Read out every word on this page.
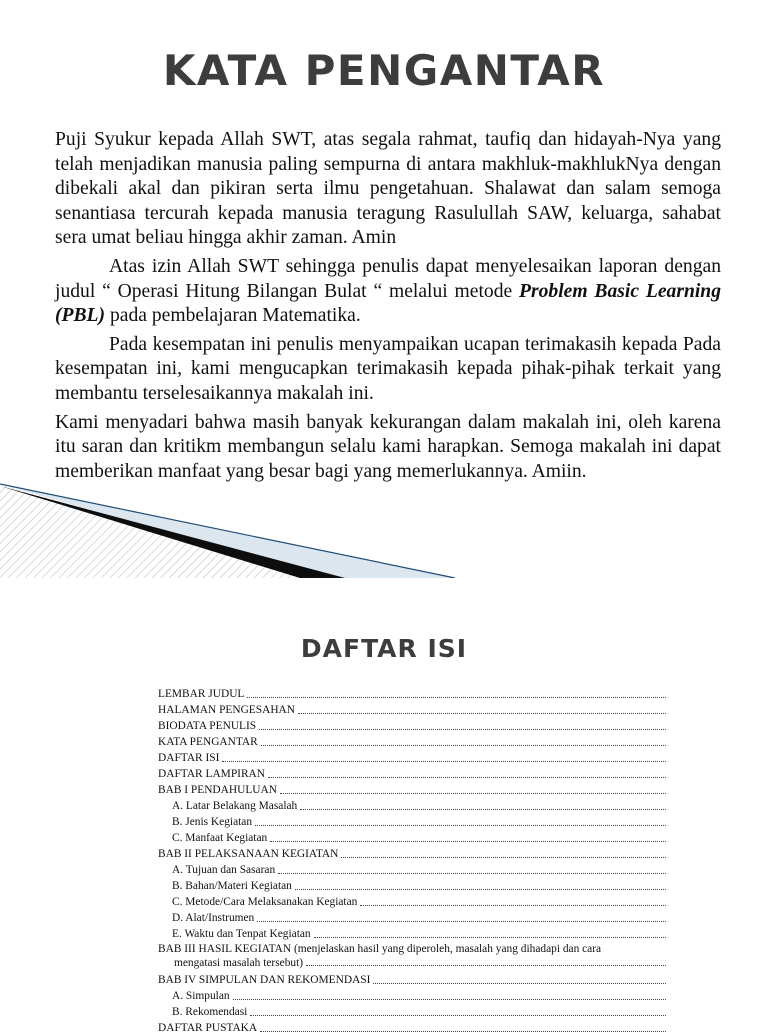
KATA PENGANTAR

Puji Syukur kepada Allah SWT, atas segala rahmat, taufiq dan hidayah-Nya yang telah menjadikan manusia paling sempurna di antara makhluk-makhlukNya dengan dibekali akal dan pikiran serta ilmu pengetahuan. Shalawat dan salam semoga senantiasa tercurah kepada manusia teragung Rasulullah SAW, keluarga, sahabat sera umat beliau hingga akhir zaman. Amin

Atas izin Allah SWT sehingga penulis dapat menyelesaikan laporan dengan judul “ Operasi Hitung Bilangan Bulat “ melalui metode Problem Basic Learning (PBL) pada pembelajaran Matematika.

Pada kesempatan ini penulis menyampaikan ucapan terimakasih kepada Pada kesempatan ini, kami mengucapkan terimakasih kepada pihak-pihak terkait yang membantu terselesaikannya makalah ini.

Kami menyadari bahwa masih banyak kekurangan dalam makalah ini, oleh karena itu saran dan kritikm membangun selalu kami harapkan. Semoga makalah ini dapat memberikan manfaat yang besar bagi yang memerlukannya. Amiin.

DAFTAR ISI
LEMBAR JUDUL
HALAMAN PENGESAHAN
BIODATA PENULIS
KATA PENGANTAR
DAFTAR ISI
DAFTAR LAMPIRAN
BAB I PENDAHULUAN
A. Latar Belakang Masalah
B. Jenis Kegiatan
C. Manfaat Kegiatan
BAB II PELAKSANAAN KEGIATAN
A. Tujuan dan Sasaran
B. Bahan/Materi Kegiatan
C. Metode/Cara Melaksanakan Kegiatan
D. Alat/Instrumen
E. Waktu dan Tenpat Kegiatan
BAB III HASIL KEGIATAN (menjelaskan hasil yang diperoleh, masalah yang dihadapi dan cara
mengatasi masalah tersebut)
BAB IV SIMPULAN DAN REKOMENDASI
A. Simpulan
B. Rekomendasi
DAFTAR PUSTAKA
